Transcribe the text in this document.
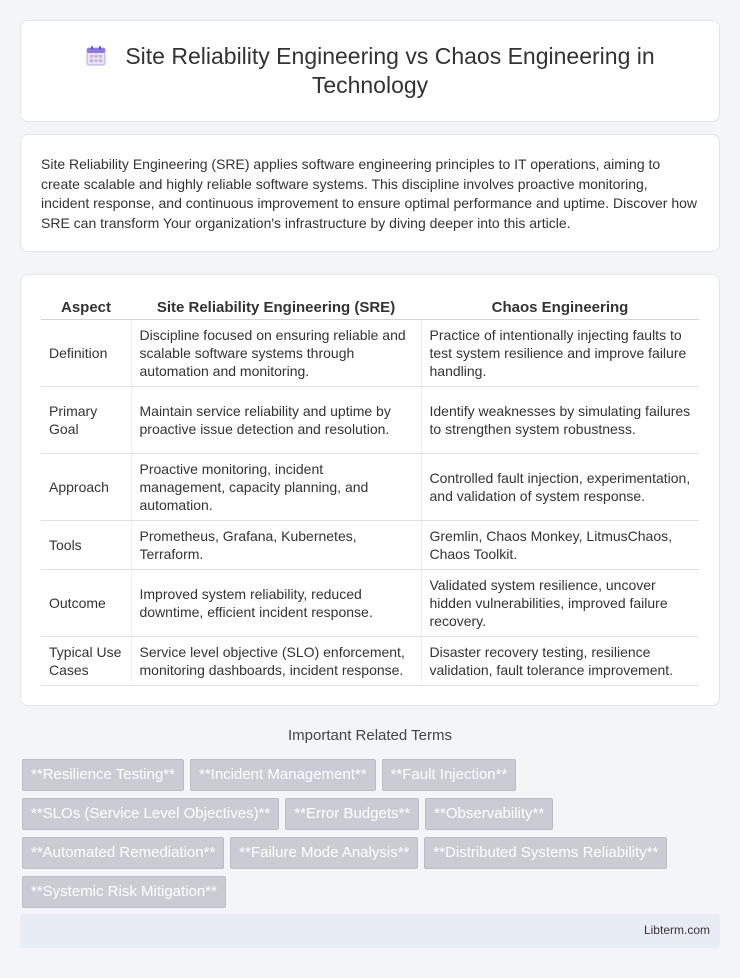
Site Reliability Engineering vs Chaos Engineering in Technology

Site Reliability Engineering (SRE) applies software engineering principles to IT operations, aiming to create scalable and highly reliable software systems. This discipline involves proactive monitoring, incident response, and continuous improvement to ensure optimal performance and uptime. Discover how SRE can transform Your organization's infrastructure by diving deeper into this article.

Aspect	Site Reliability Engineering (SRE)	Chaos Engineering
Definition	Discipline focused on ensuring reliable and scalable software systems through automation and monitoring.	Practice of intentionally injecting faults to test system resilience and improve failure handling.
Primary Goal	Maintain service reliability and uptime by proactive issue detection and resolution.	Identify weaknesses by simulating failures to strengthen system robustness.
Approach	Proactive monitoring, incident management, capacity planning, and automation.	Controlled fault injection, experimentation, and validation of system response.
Tools	Prometheus, Grafana, Kubernetes, Terraform.	Gremlin, Chaos Monkey, LitmusChaos, Chaos Toolkit.
Outcome	Improved system reliability, reduced downtime, efficient incident response.	Validated system resilience, uncover hidden vulnerabilities, improved failure recovery.
Typical Use Cases	Service level objective (SLO) enforcement, monitoring dashboards, incident response.	Disaster recovery testing, resilience validation, fault tolerance improvement.
Important Related Terms
**Resilience Testing** **Incident Management** **Fault Injection**
**SLOs (Service Level Objectives)** **Error Budgets** **Observability**
**Automated Remediation** **Failure Mode Analysis** **Distributed Systems Reliability**
**Systemic Risk Mitigation**
Libterm.com
